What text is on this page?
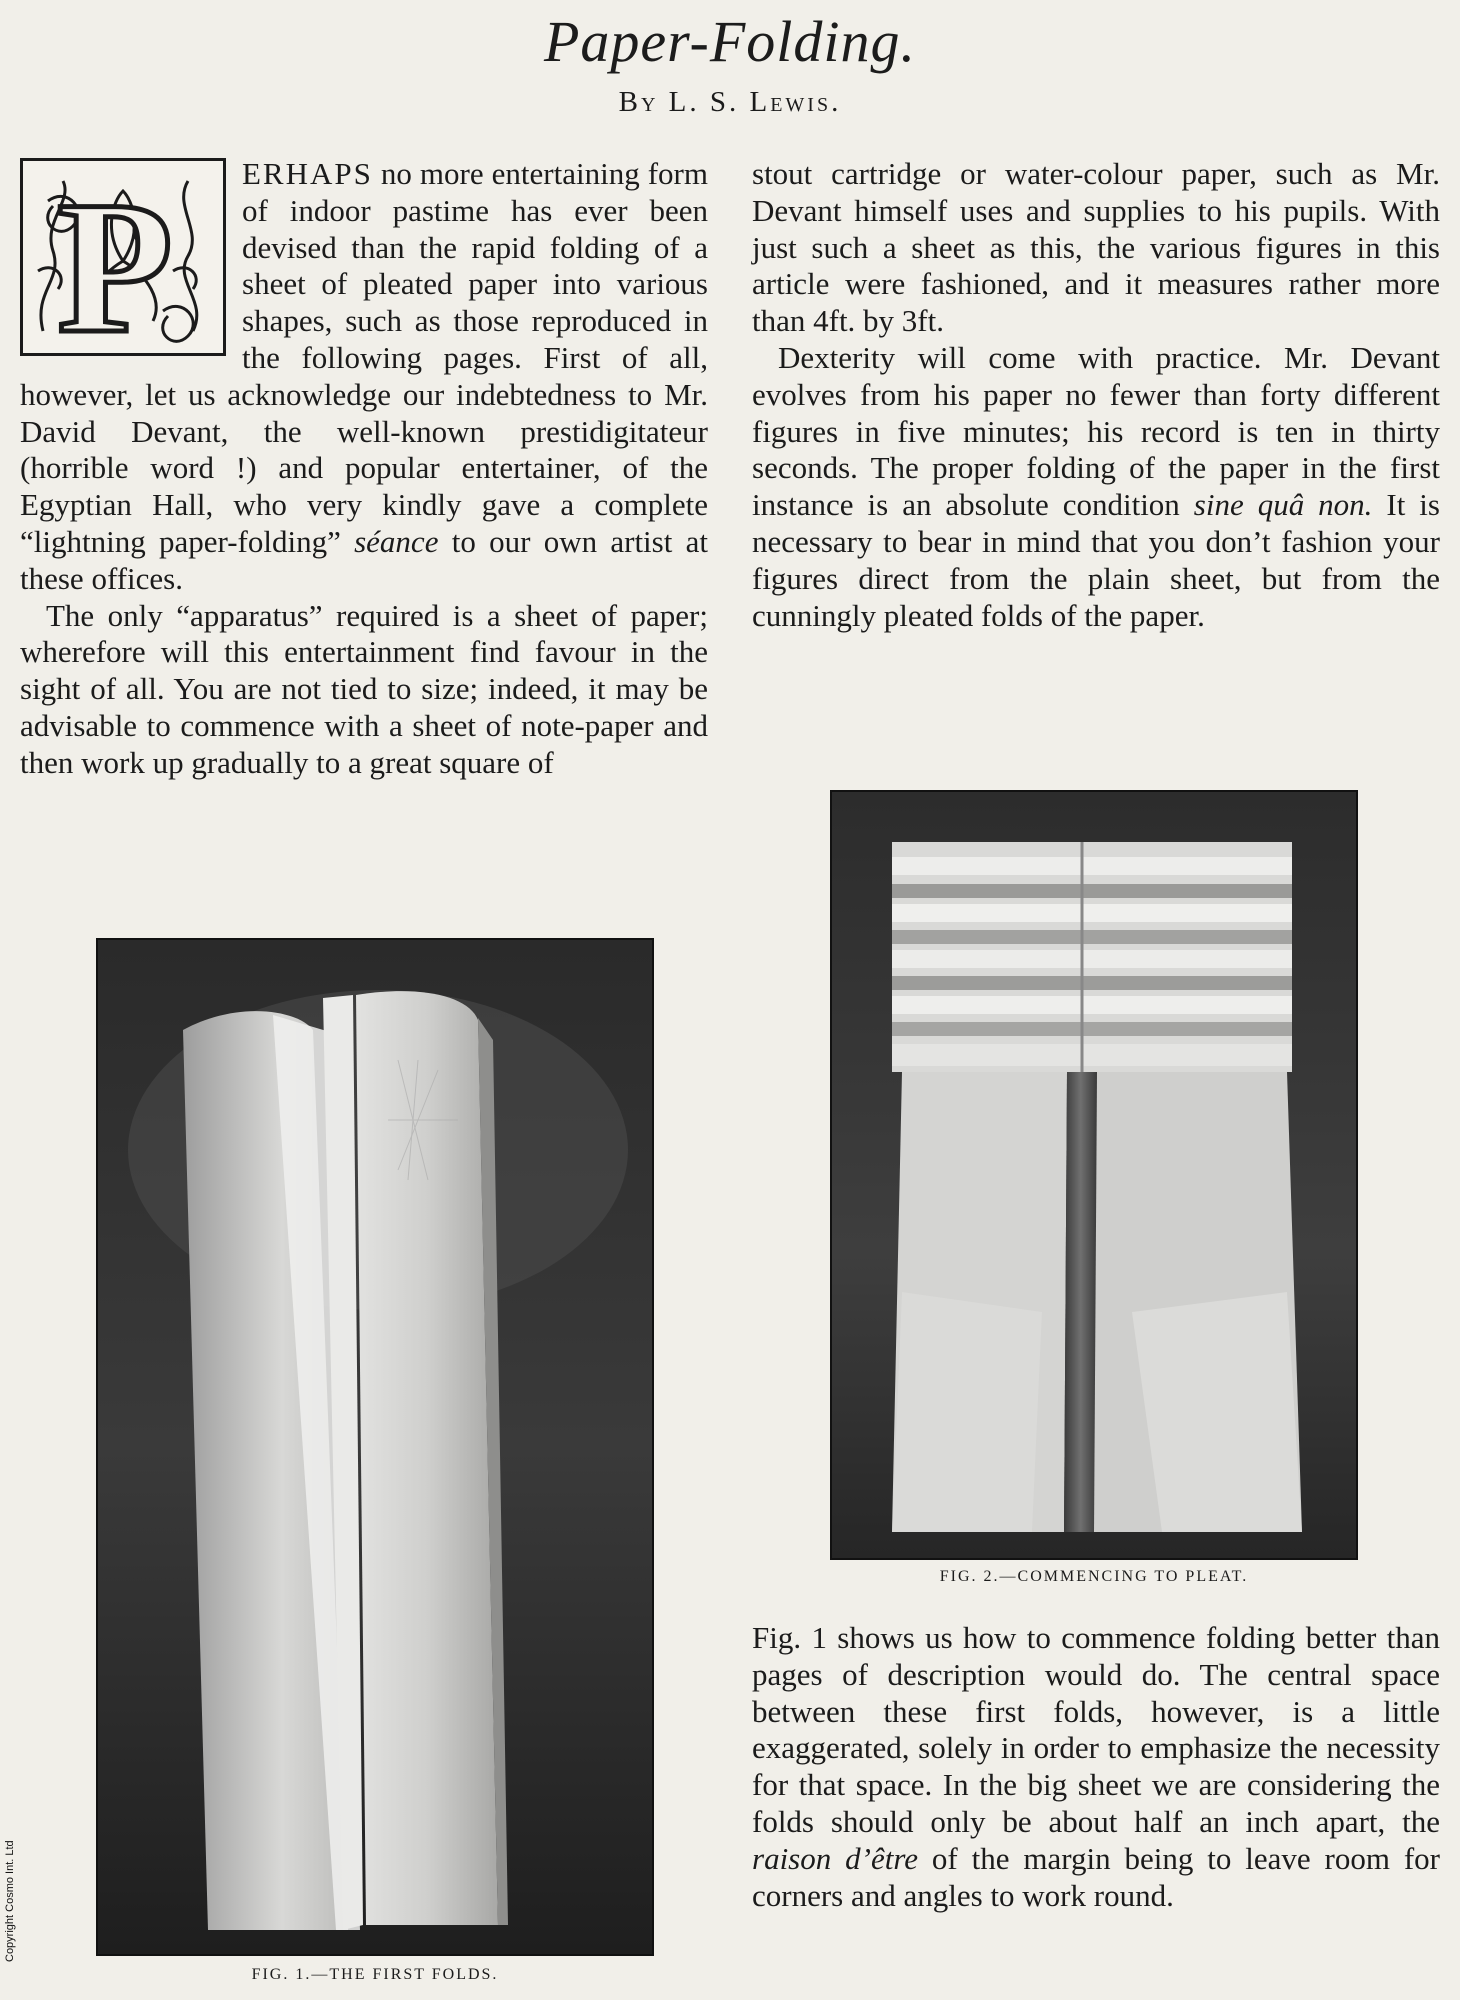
Paper-Folding.
By L. S. Lewis.

P ERHAPS no more entertaining form of indoor pastime has ever been devised than the rapid folding of a sheet of pleated paper into various shapes, such as those reproduced in the following pages. First of all, however, let us acknowledge our indebtedness to Mr. David Devant, the well-known prestidigitateur (horrible word !) and popular entertainer, of the Egyptian Hall, who very kindly gave a complete “lightning paper-folding” séance to our own artist at these offices.

The only “apparatus” required is a sheet of paper; wherefore will this entertainment find favour in the sight of all. You are not tied to size; indeed, it may be advisable to commence with a sheet of note-paper and then work up gradually to a great square of

stout cartridge or water-colour paper, such as Mr. Devant himself uses and supplies to his pupils. With just such a sheet as this, the various figures in this article were fashioned, and it measures rather more than 4ft. by 3ft.

Dexterity will come with practice. Mr. Devant evolves from his paper no fewer than forty different figures in five minutes; his record is ten in thirty seconds. The proper folding of the paper in the first instance is an absolute condition sine quâ non. It is necessary to bear in mind that you don’t fashion your figures direct from the plain sheet, but from the cunningly pleated folds of the paper.

FIG. 1.—THE FIRST FOLDS.
FIG. 2.—COMMENCING TO PLEAT.

Fig. 1 shows us how to commence folding better than pages of description would do. The central space between these first folds, however, is a little exaggerated, solely in order to emphasize the necessity for that space. In the big sheet we are considering the folds should only be about half an inch apart, the raison d’être of the margin being to leave room for corners and angles to work round.

Copyright Cosmo Int. Ltd
